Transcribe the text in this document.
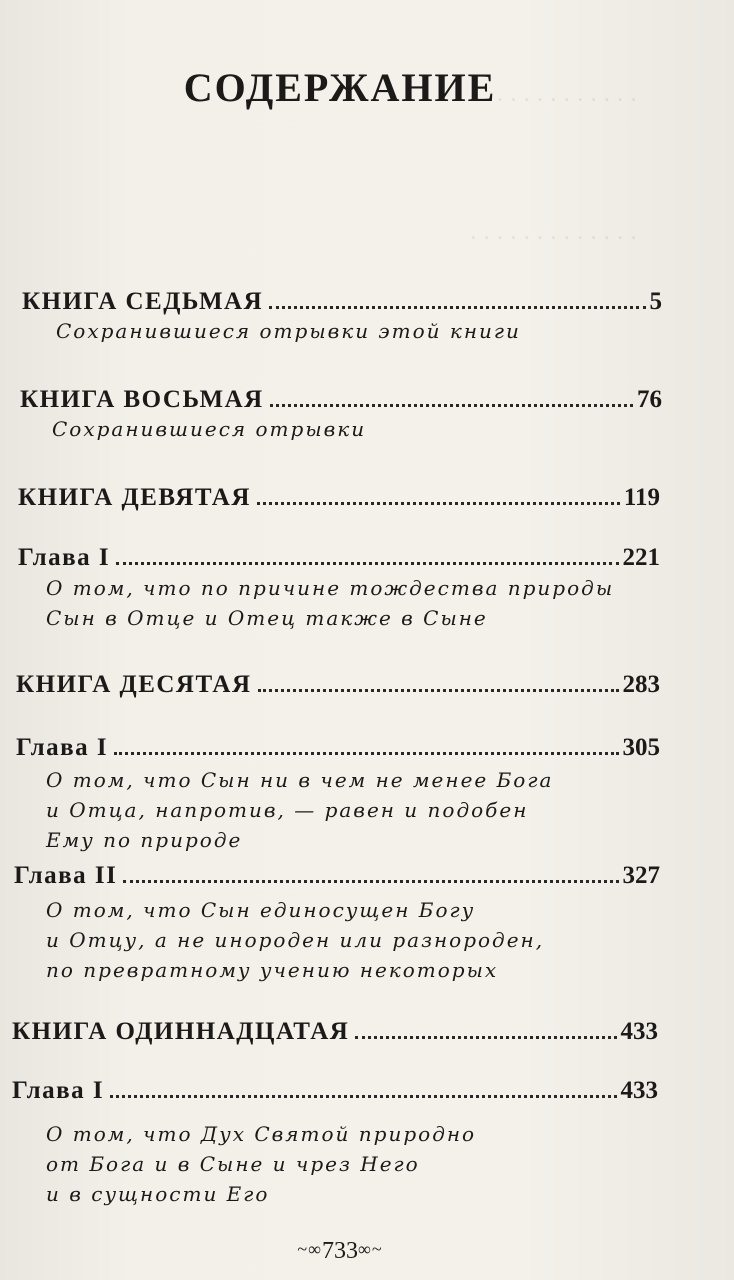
· · · · · · · · · · · · ·
· · · · · · · · · · · · ·
СОДЕРЖАНИЕ
КНИГА СЕДЬМАЯ	5
Сохранившиеся отрывки этой книги
КНИГА ВОСЬМАЯ	76
Сохранившиеся отрывки
КНИГА ДЕВЯТАЯ	119
Глава I	221
О том, что по причине тождества природы
Сын в Отце и Отец также в Сыне
КНИГА ДЕСЯТАЯ	283
Глава I	305
О том, что Сын ни в чем не менее Бога
и Отца, напротив, — равен и подобен
Ему по природе
Глава II	327
О том, что Сын единосущен Богу
и Отцу, а не инороден или разнороден,
по превратному учению некоторых
КНИГА ОДИННАДЦАТАЯ	433
Глава I	433
О том, что Дух Святой природно
от Бога и в Сыне и чрез Него
и в сущности Его
~∞733∞~
